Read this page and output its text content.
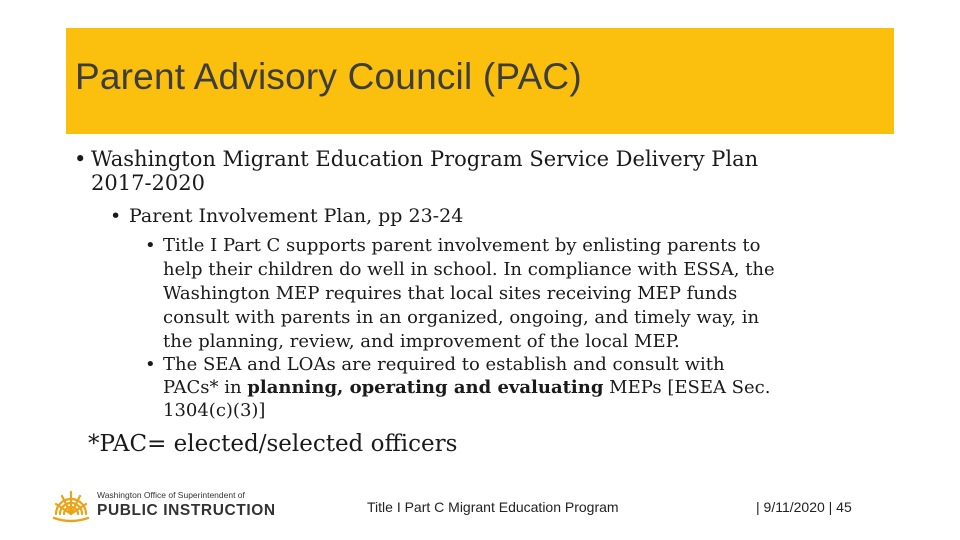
Parent Advisory Council (PAC)
• Washington Migrant Education Program Service Delivery Plan
2017-2020
• Parent Involvement Plan, pp 23-24
• Title I Part C supports parent involvement by enlisting parents to
help their children do well in school. In compliance with ESSA, the
Washington MEP requires that local sites receiving MEP funds
consult with parents in an organized, ongoing, and timely way, in
the planning, review, and improvement of the local MEP.
• The SEA and LOAs are required to establish and consult with
PACs* in planning, operating and evaluating MEPs [ESEA Sec.
1304(c)(3)]
*PAC= elected/selected officers
Washington Office of Superintendent of
PUBLIC INSTRUCTION	Title I Part C Migrant Education Program	| 9/11/2020 | 45
